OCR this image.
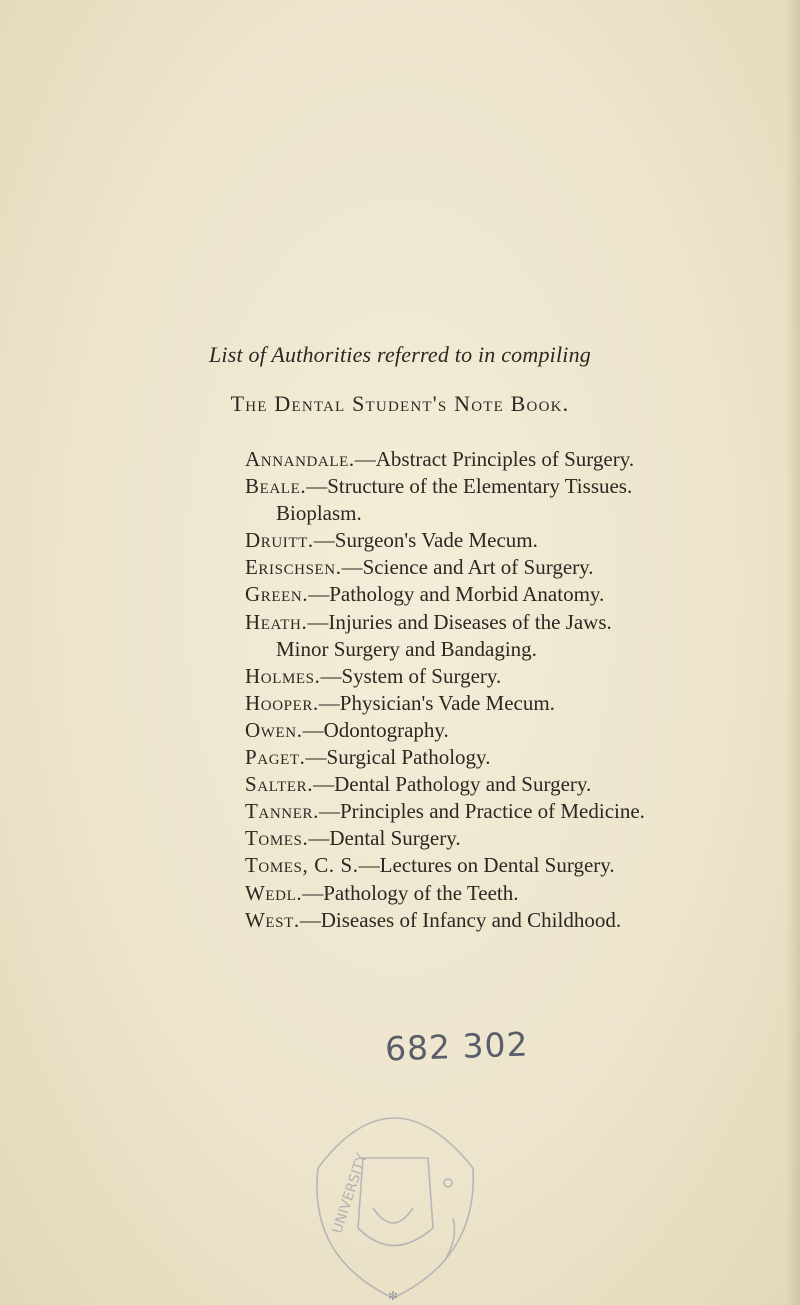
List of Authorities referred to in compiling
The Dental Student's Note Book.
Annandale.—Abstract Principles of Surgery.
Beale.—Structure of the Elementary Tissues.
Bioplasm.
Druitt.—Surgeon's Vade Mecum.
Erischsen.—Science and Art of Surgery.
Green.—Pathology and Morbid Anatomy.
Heath.—Injuries and Diseases of the Jaws.
Minor Surgery and Bandaging.
Holmes.—System of Surgery.
Hooper.—Physician's Vade Mecum.
Owen.—Odontography.
Paget.—Surgical Pathology.
Salter.—Dental Pathology and Surgery.
Tanner.—Principles and Practice of Medicine.
Tomes.—Dental Surgery.
Tomes, C. S.—Lectures on Dental Surgery.
Wedl.—Pathology of the Teeth.
West.—Diseases of Infancy and Childhood.
682 302
UNIVERSITY
✻
